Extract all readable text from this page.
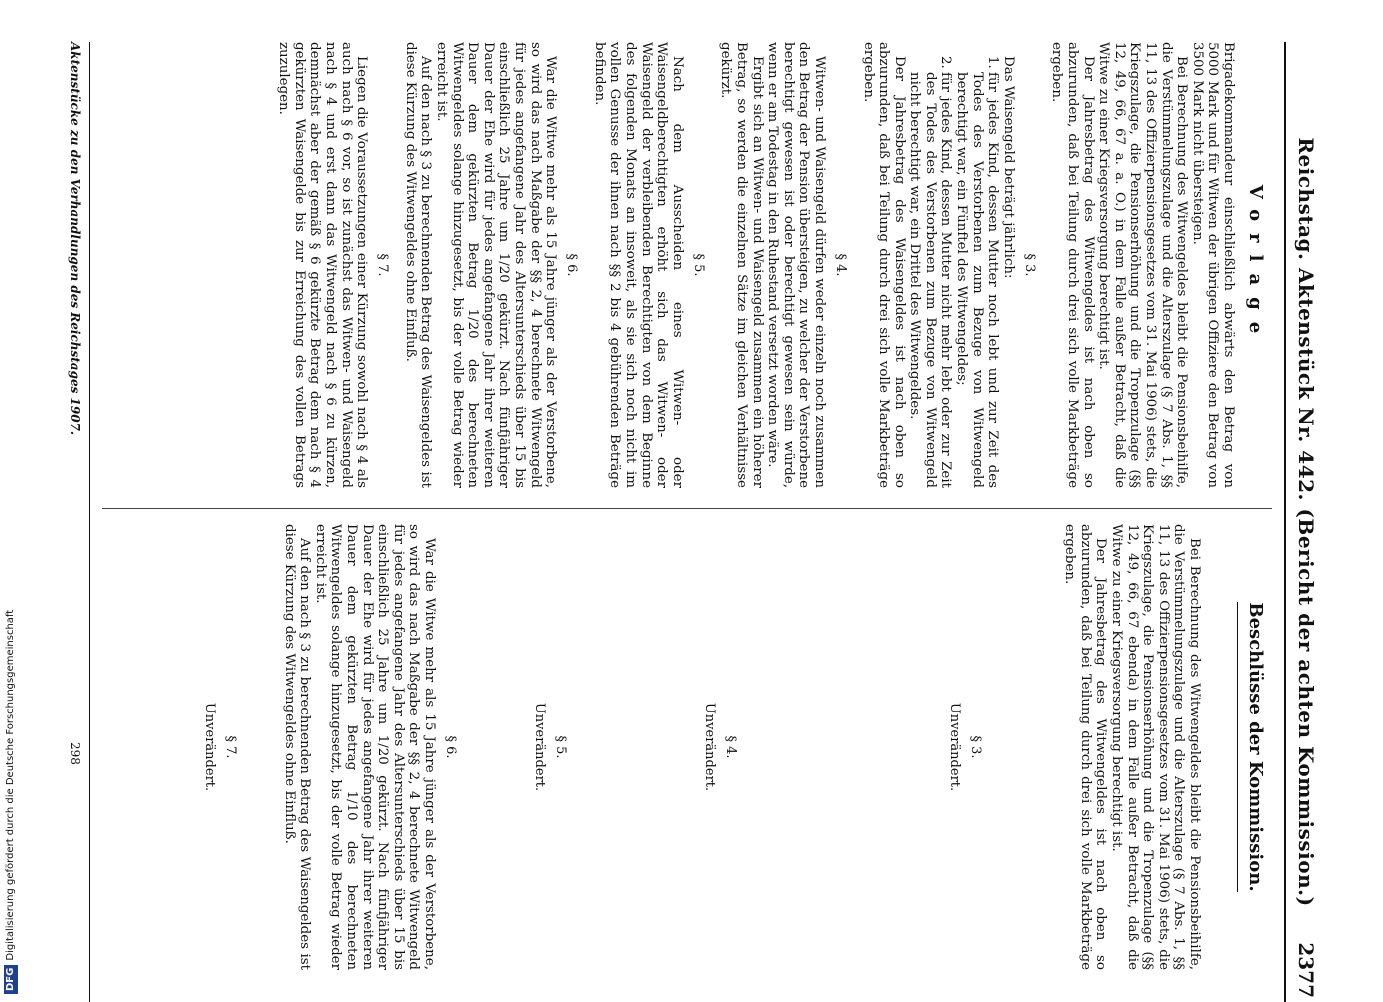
Reichstag. Aktenstück Nr. 442. (Bericht der achten Kommission.)
2377
Vorlage

Brigadekommandeur einschließlich abwärts den Betrag von 5000 Mark und für Witwen der übrigen Offiziere den Betrag von 3500 Mark nicht übersteigen.

Bei Berechnung des Witwengeldes bleibt die Pensionsbeihilfe, die Verstümmelungszulage und die Alterszulage (§ 7 Abs. 1, §§ 11, 13 des Offizierpensionsgesetzes vom 31. Mai 1906) stets, die Kriegszulage, die Pensionserhöhung und die Tropenzulage (§§ 12, 49, 66, 67 a. a. O.) in dem Falle außer Betracht, daß die Witwe zu einer Kriegsversorgung berechtigt ist.

Der Jahresbetrag des Witwengeldes ist nach oben so abzurunden, daß bei Teilung durch drei sich volle Markbeträge ergeben.

§ 3.

Das Waisengeld beträgt jährlich:

1.für jedes Kind, dessen Mutter noch lebt und zur Zeit des Todes des Verstorbenen zum Bezuge von Witwengeld berechtigt war, ein Fünftel des Witwengeldes;

2.für jedes Kind, dessen Mutter nicht mehr lebt oder zur Zeit des Todes des Verstorbenen zum Bezuge von Witwengeld nicht berechtigt war, ein Drittel des Witwengeldes.

Der Jahresbetrag des Waisengeldes ist nach oben so abzurunden, daß bei Teilung durch drei sich volle Markbeträge ergeben.

§ 4.

Witwen- und Waisengeld dürfen weder einzeln noch zusammen den Betrag der Pension übersteigen, zu welcher der Verstorbene berechtigt gewesen ist oder berechtigt gewesen sein würde, wenn er am Todestag in den Ruhestand versetzt worden wäre.

Ergibt sich an Witwen- und Waisengeld zusammen ein höherer Betrag, so werden die einzelnen Sätze im gleichen Verhältnisse gekürzt.

§ 5.

Nach dem Ausscheiden eines Witwen- oder Waisengeldberechtigten erhöht sich das Witwen- oder Waisengeld der verbleibenden Berechtigten von dem Beginne des folgenden Monats an insoweit, als sie sich noch nicht im vollen Genusse der ihnen nach §§ 2 bis 4 gebührenden Beträge befinden.

§ 6.

War die Witwe mehr als 15 Jahre jünger als der Verstorbene, so wird das nach Maßgabe der §§ 2, 4 berechnete Witwengeld für jedes angefangene Jahr des Altersunterschieds über 15 bis einschließlich 25 Jahre um 1/20 gekürzt. Nach fünfjähriger Dauer der Ehe wird für jedes angefangene Jahr ihrer weiteren Dauer dem gekürzten Betrag 1/20 des berechneten Witwengeldes solange hinzugesetzt, bis der volle Betrag wieder erreicht ist.

Auf den nach § 3 zu berechnenden Betrag des Waisengeldes ist diese Kürzung des Witwengeldes ohne Einfluß.

§ 7.

Liegen die Voraussetzungen einer Kürzung sowohl nach § 4 als auch nach § 6 vor, so ist zunächst das Witwen- und Waisengeld nach § 4 und erst dann das Witwengeld nach § 6 zu kürzen, demnächst aber der gemäß § 6 gekürzte Betrag dem nach § 4 gekürzten Waisengelde bis zur Erreichung des vollen Betrags zuzulegen.

Beschlüsse der Kommission.

Bei Berechnung des Witwengeldes bleibt die Pensionsbeihilfe, die Verstümmelungszulage und die Alterszulage (§ 7 Abs. 1, §§ 11, 13 des Offizierpensionsgesetzes vom 31. Mai 1906) stets, die Kriegszulage, die Pensionserhöhung und die Tropenzulage (§§ 12, 49, 66, 67 ebenda) in dem Falle außer Betracht, daß die Witwe zu einer Kriegsversorgung berechtigt ist.

Der Jahresbetrag des Witwengeldes ist nach oben so abzurunden, daß bei Teilung durch drei sich volle Markbeträge ergeben.

§ 3.

Unverändert.

§ 4.

Unverändert.

§ 5.

Unverändert.

§ 6.

War die Witwe mehr als 15 Jahre jünger als der Verstorbene, so wird das nach Maßgabe der §§ 2, 4 berechnete Witwengeld für jedes angefangene Jahr des Altersunterschieds über 15 bis einschließlich 25 Jahre um 1/20 gekürzt. Nach fünfjähriger Dauer der Ehe wird für jedes angefangene Jahr ihrer weiteren Dauer dem gekürzten Betrag 1/10 des berechneten Witwengeldes solange hinzugesetzt, bis der volle Betrag wieder erreicht ist.

Auf den nach § 3 zu berechnenden Betrag des Waisengeldes ist diese Kürzung des Witwengeldes ohne Einfluß.

§ 7.

Unverändert.

Aktenstücke zu den Verhandlungen des Reichstages 1907.
298
DFGDigitalisierung gefördert durch die Deutsche Forschungsgemeinschaft
